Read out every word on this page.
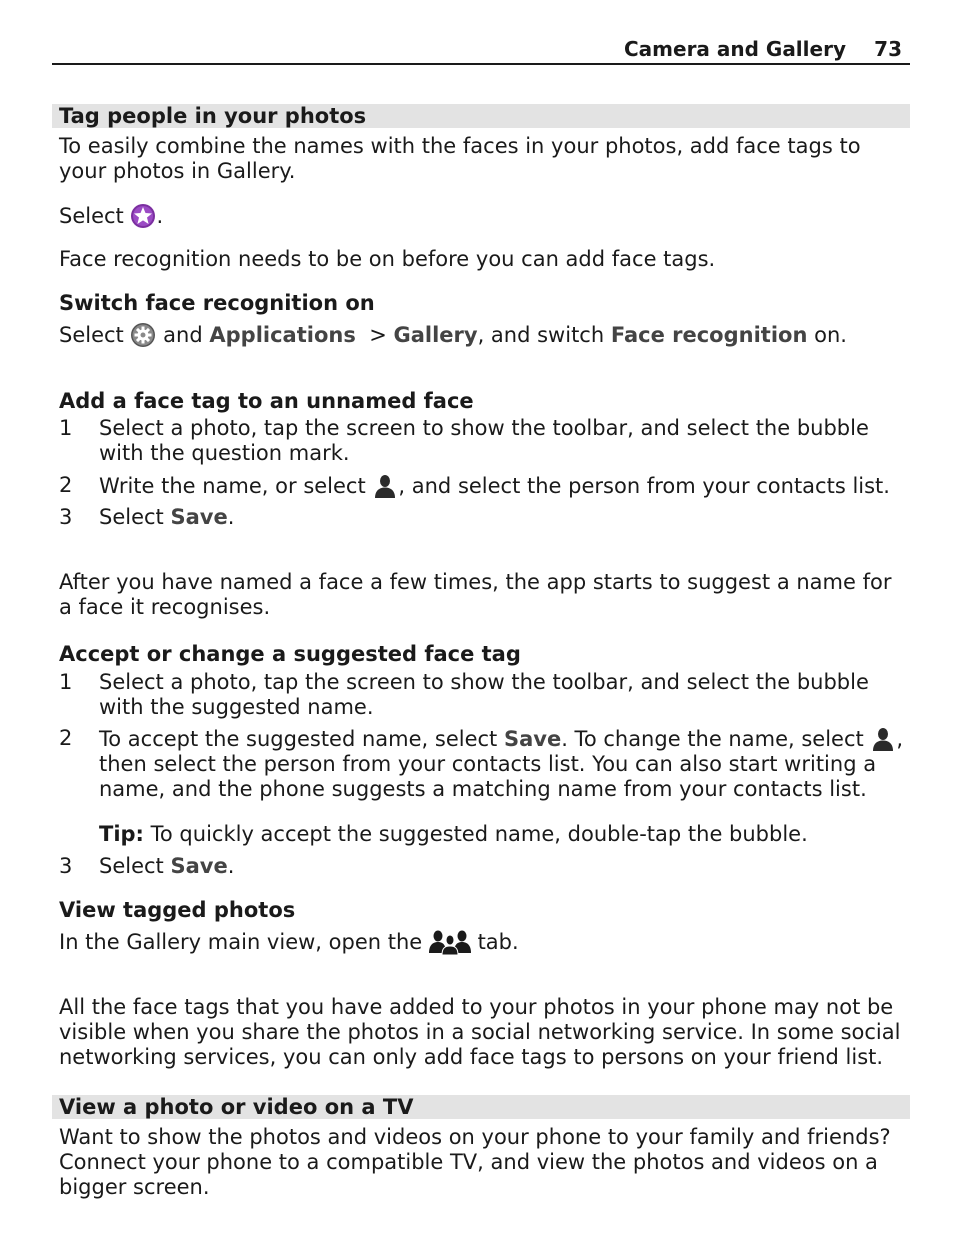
Camera and Gallery 73
Tag people in your photos
To easily combine the names with the faces in your photos, add face tags to your photos in Gallery.
Select .
Face recognition needs to be on before you can add face tags.
Switch face recognition on
Select and Applications > Gallery, and switch Face recognition on.
Add a face tag to an unnamed face
1 Select a photo, tap the screen to show the toolbar, and select the bubble with the question mark.
2 Write the name, or select , and select the person from your contacts list.
3 Select Save.
After you have named a face a few times, the app starts to suggest a name for a face it recognises.
Accept or change a suggested face tag
1 Select a photo, tap the screen to show the toolbar, and select the bubble with the suggested name.
2 To accept the suggested name, select Save. To change the name, select , then select the person from your contacts list. You can also start writing a name, and the phone suggests a matching name from your contacts list.
Tip: To quickly accept the suggested name, double-tap the bubble.
3 Select Save.
View tagged photos
In the Gallery main view, open the	tab.
All the face tags that you have added to your photos in your phone may not be visible when you share the photos in a social networking service. In some social networking services, you can only add face tags to persons on your friend list.
View a photo or video on a TV
Want to show the photos and videos on your phone to your family and friends? Connect your phone to a compatible TV, and view the photos and videos on a bigger screen.
